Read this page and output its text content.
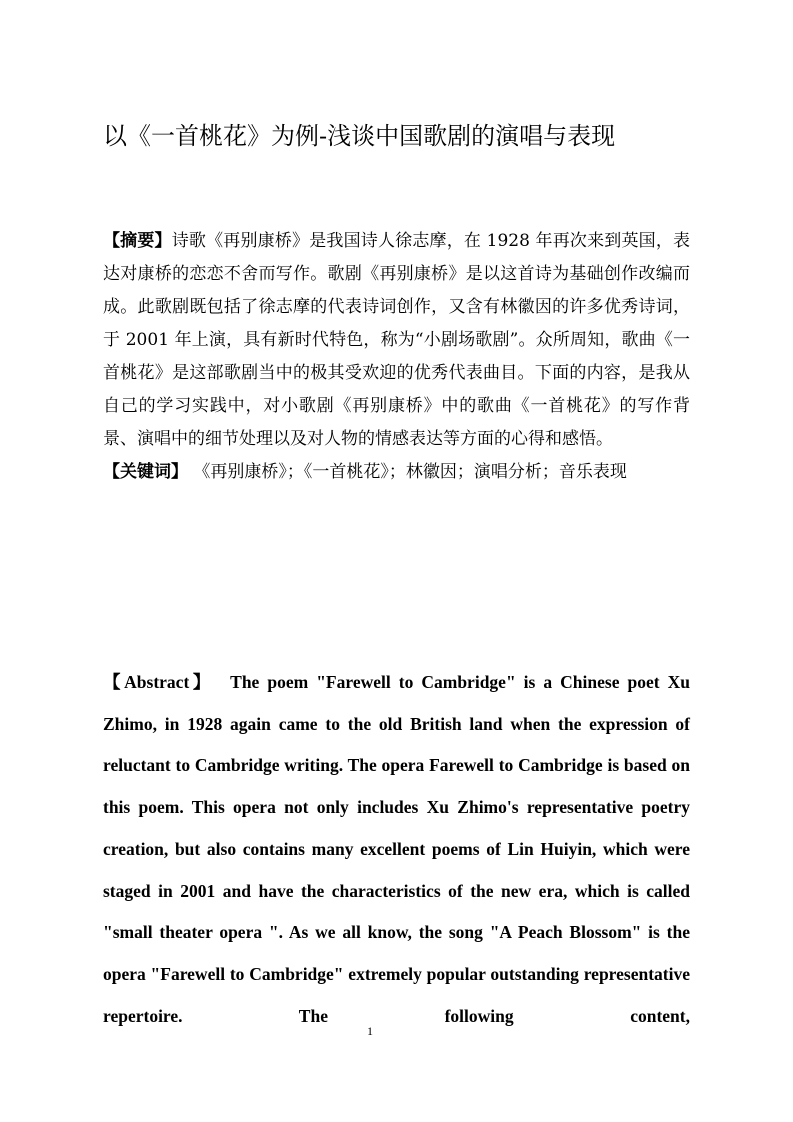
以《一首桃花》为例-浅谈中国歌剧的演唱与表现

【摘要】诗歌《再别康桥》是我国诗人徐志摩，在 1928 年再次来到英国，表达对康桥的恋恋不舍而写作。歌剧《再别康桥》是以这首诗为基础创作改编而成。此歌剧既包括了徐志摩的代表诗词创作，又含有林徽因的许多优秀诗词，于 2001 年上演，具有新时代特色，称为“小剧场歌剧”。众所周知，歌曲《一首桃花》是这部歌剧当中的极其受欢迎的优秀代表曲目。下面的内容，是我从自己的学习实践中，对小歌剧《再别康桥》中的歌曲《一首桃花》的写作背景、演唱中的细节处理以及对人物的情感表达等方面的心得和感悟。

【关键词】 《再别康桥》；《一首桃花》；林徽因；演唱分析；音乐表现

【Abstract】 The poem "Farewell to Cambridge" is a Chinese poet Xu Zhimo, in 1928 again came to the old British land when the expression of reluctant to Cambridge writing. The opera Farewell to Cambridge is based on this poem. This opera not only includes Xu Zhimo's representative poetry creation, but also contains many excellent poems of Lin Huiyin, which were staged in 2001 and have the characteristics of the new era, which is called "small theater opera ". As we all know, the song "A Peach Blossom" is the opera "Farewell to Cambridge" extremely popular outstanding representative repertoire. The following content,
1
